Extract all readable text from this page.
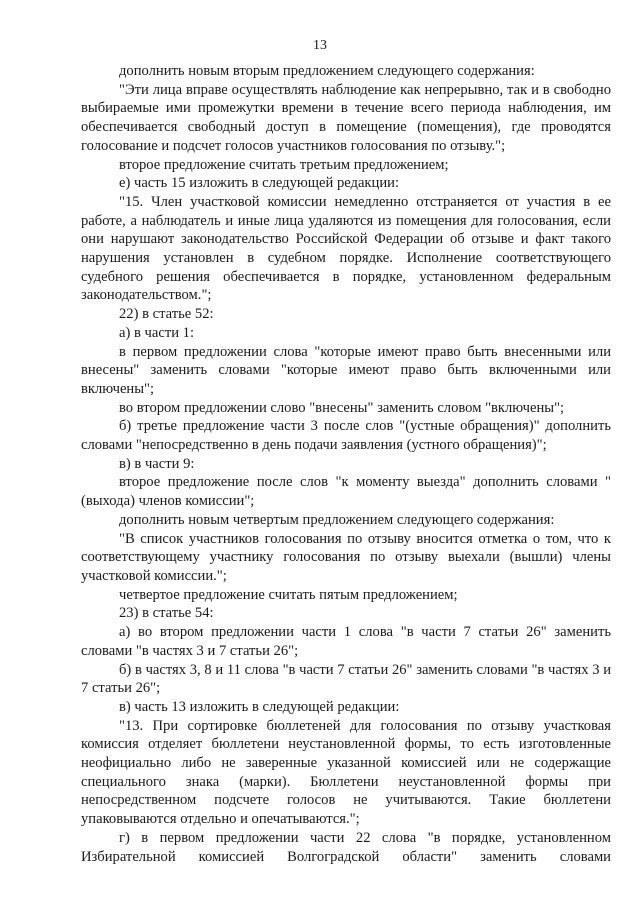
13

дополнить новым вторым предложением следующего содержания:

"Эти лица вправе осуществлять наблюдение как непрерывно, так и в свободно выбираемые ими промежутки времени в течение всего периода наблюдения, им обеспечивается свободный доступ в помещение (помещения), где проводятся голосование и подсчет голосов участников голосования по отзыву.";

второе предложение считать третьим предложением;

е) часть 15 изложить в следующей редакции:

"15. Член участковой комиссии немедленно отстраняется от участия в ее работе, а наблюдатель и иные лица удаляются из помещения для голосования, если они нарушают законодательство Российской Федерации об отзыве и факт такого нарушения установлен в судебном порядке. Исполнение соответствующего судебного решения обеспечивается в порядке, установленном федеральным законодательством.";

22) в статье 52:

а) в части 1:

в первом предложении слова "которые имеют право быть внесенными или внесены" заменить словами "которые имеют право быть включенными или включены";

во втором предложении слово "внесены" заменить словом "включены";

б) третье предложение части 3 после слов "(устные обращения)" дополнить словами "непосредственно в день подачи заявления (устного обращения)";

в) в части 9:

второе предложение после слов "к моменту выезда" дополнить словами "(выхода) членов комиссии";

дополнить новым четвертым предложением следующего содержания:

"В список участников голосования по отзыву вносится отметка о том, что к соответствующему участнику голосования по отзыву выехали (вышли) члены участковой комиссии.";

четвертое предложение считать пятым предложением;

23) в статье 54:

а) во втором предложении части 1 слова "в части 7 статьи 26" заменить словами "в частях 3 и 7 статьи 26";

б) в частях 3, 8 и 11 слова "в части 7 статьи 26" заменить словами "в частях 3 и 7 статьи 26";

в) часть 13 изложить в следующей редакции:

"13. При сортировке бюллетеней для голосования по отзыву участковая комиссия отделяет бюллетени неустановленной формы, то есть изготовленные неофициально либо не заверенные указанной комиссией или не содержащие специального знака (марки). Бюллетени неустановленной формы при непосредственном подсчете голосов не учитываются. Такие бюллетени упаковываются отдельно и опечатываются.";

г) в первом предложении части 22 слова "в порядке, установленном Избирательной комиссией Волгоградской области" заменить словами
